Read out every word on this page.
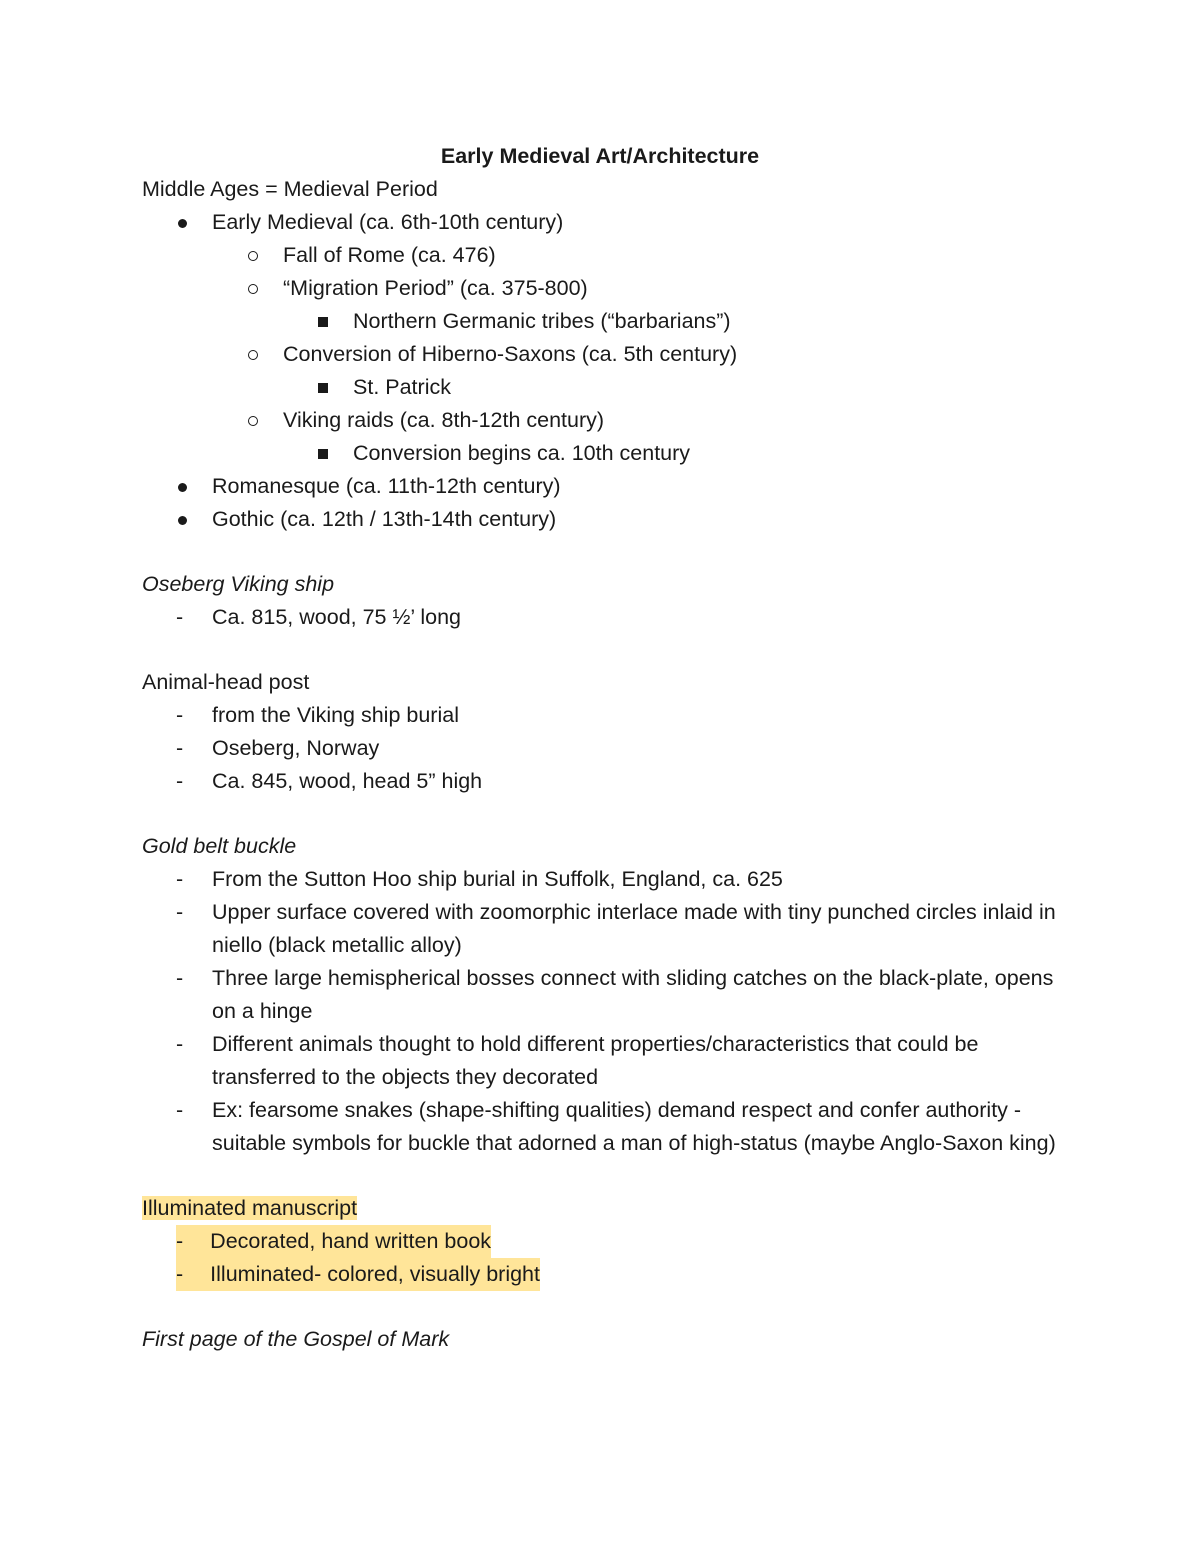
Early Medieval Art/Architecture
Middle Ages = Medieval Period
Early Medieval (ca. 6th-10th century)
Fall of Rome (ca. 476)
“Migration Period” (ca. 375-800)
Northern Germanic tribes (“barbarians”)
Conversion of Hiberno-Saxons (ca. 5th century)
St. Patrick
Viking raids (ca. 8th-12th century)
Conversion begins ca. 10th century
Romanesque (ca. 11th-12th century)
Gothic (ca. 12th / 13th-14th century)
Oseberg Viking ship
- Ca. 815, wood, 75 ½’ long
Animal-head post
- from the Viking ship burial
- Oseberg, Norway
- Ca. 845, wood, head 5” high
Gold belt buckle
- From the Sutton Hoo ship burial in Suffolk, England, ca. 625
- Upper surface covered with zoomorphic interlace made with tiny punched circles inlaid in niello (black metallic alloy)
- Three large hemispherical bosses connect with sliding catches on the black-plate, opens on a hinge
- Different animals thought to hold different properties/characteristics that could be transferred to the objects they decorated
- Ex: fearsome snakes (shape-shifting qualities) demand respect and confer authority - suitable symbols for buckle that adorned a man of high-status (maybe Anglo-Saxon king)
Illuminated manuscript
- Decorated, hand written book
- Illuminated- colored, visually bright
First page of the Gospel of Mark
